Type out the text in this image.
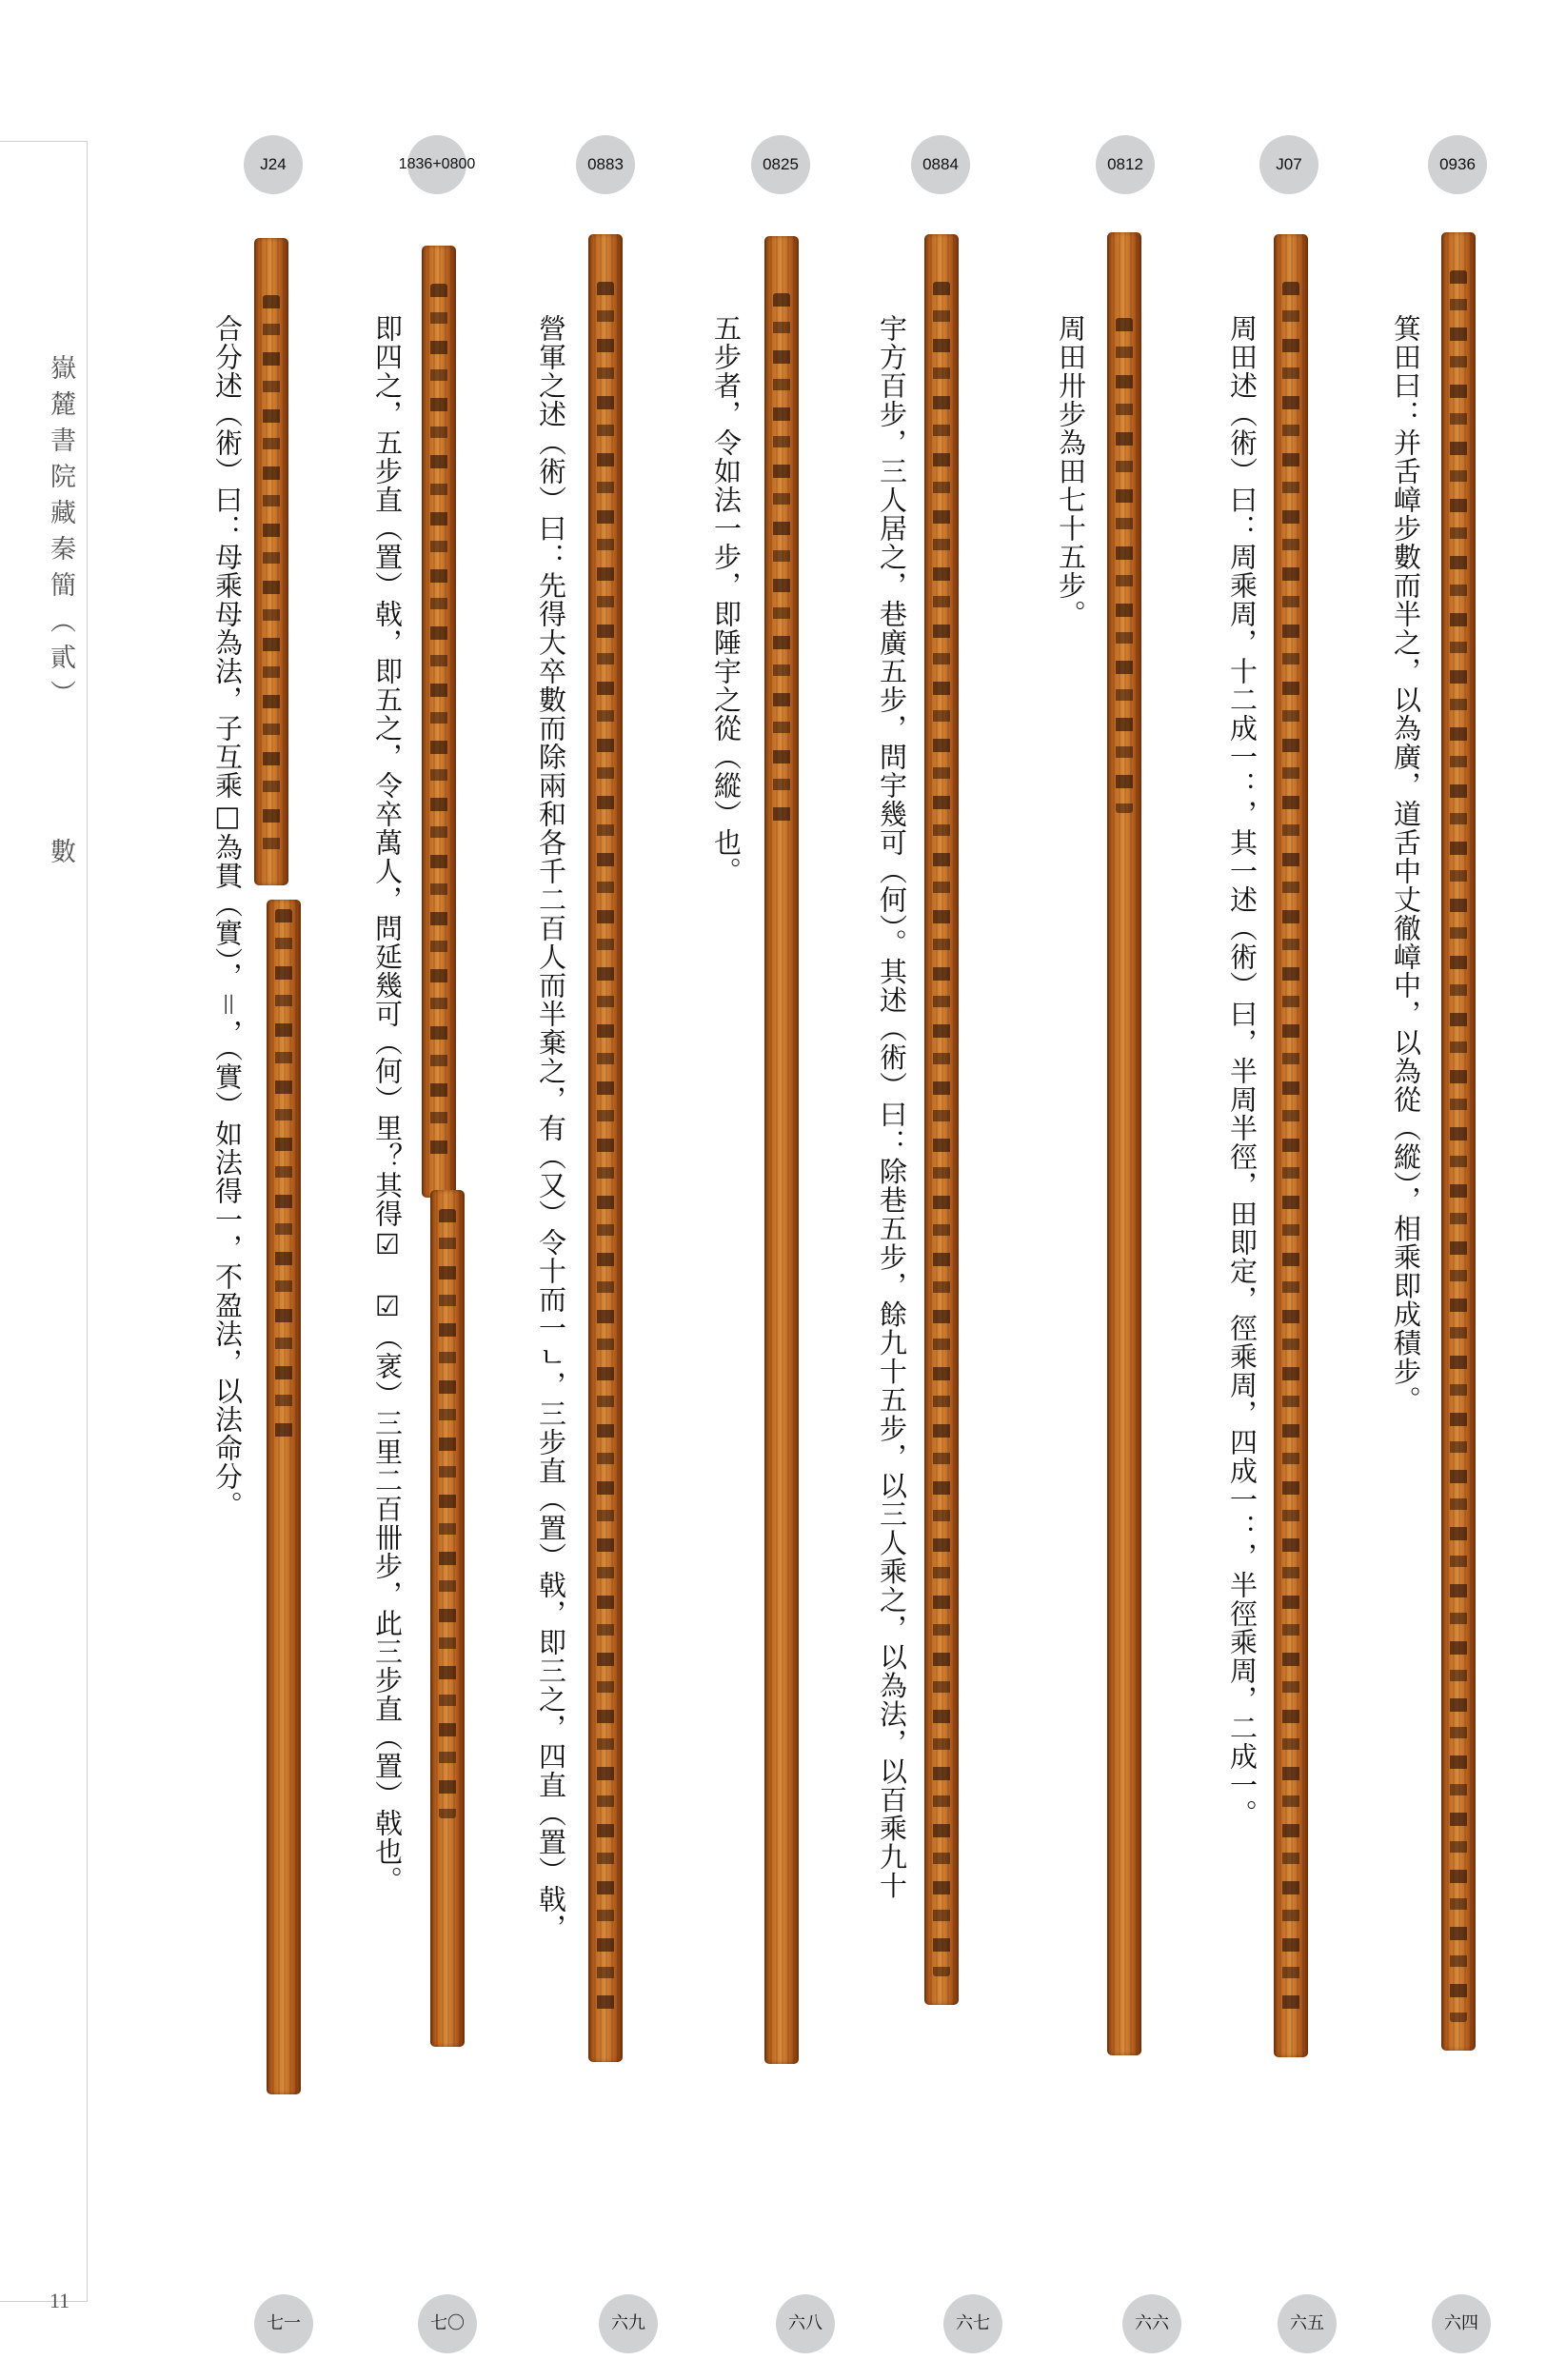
嶽麓書院藏秦簡（貳）
數
11
0936
箕田曰：并舌嶂步數而半之，以為廣，道舌中丈徹嶂中，以為從（縱），相乘即成積步。
六四
J07
周田述（術）曰：周乘周，十二成一：，其一述（術）曰，半周半徑，田即定，徑乘周，四成一：，半徑乘周，二成一。
六五
0812
周田卅步為田七十五步。
六六
0884
宇方百步，三人居之，巷廣五步，問宇幾可（何）。其述（術）曰：除巷五步，餘九十五步，以三人乘之，以為法，以百乘九十
六七
0825
五步者，令如法一步，即陲宇之從（縱）也。
六八
0883
營軍之述（術）曰：先得大卒數而除兩和各千二百人而半棄之，有（又）令十而一ㄴ，三步直（置）戟，即三之，四直（置）戟，
六九
1836+ 0800
即四之，五步直（置）戟，即五之，令卒萬人，問延幾可（何）里？其得☑　☑（衺）三里二百卌步，此三步直（置）戟也。
七〇
J24
合分述（術）曰：母乘母為法，子互乘□為貫（實），＝，（實）如法得一，不盈法，以法命分。
七一
